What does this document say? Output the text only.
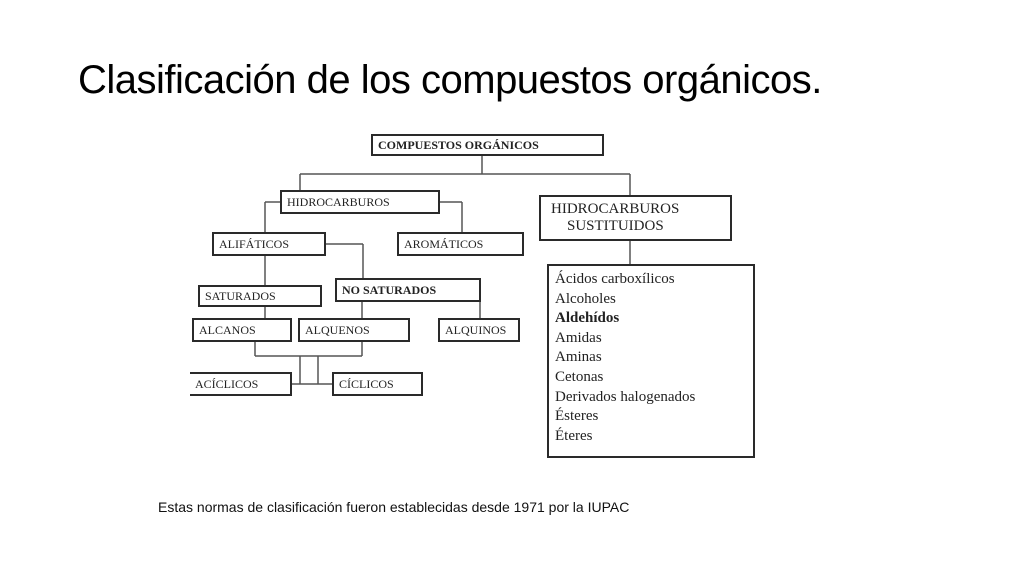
Clasificación de los compuestos orgánicos.
COMPUESTOS ORGÁNICOS
HIDROCARBUROS	HIDROCARBUROS
SUSTITUIDOS
ALIFÁTICOS	AROMÁTICOS
SATURADOS	NO SATURADOS
ALCANOS	ALQUENOS	ALQUINOS
ACÍCLICOS	CÍCLICOS
Ácidos carboxílicos
Alcoholes
Aldehídos
Amidas
Aminas
Cetonas
Derivados halogenados
Ésteres
Éteres
Estas normas de clasificación fueron establecidas desde 1971 por la IUPAC
